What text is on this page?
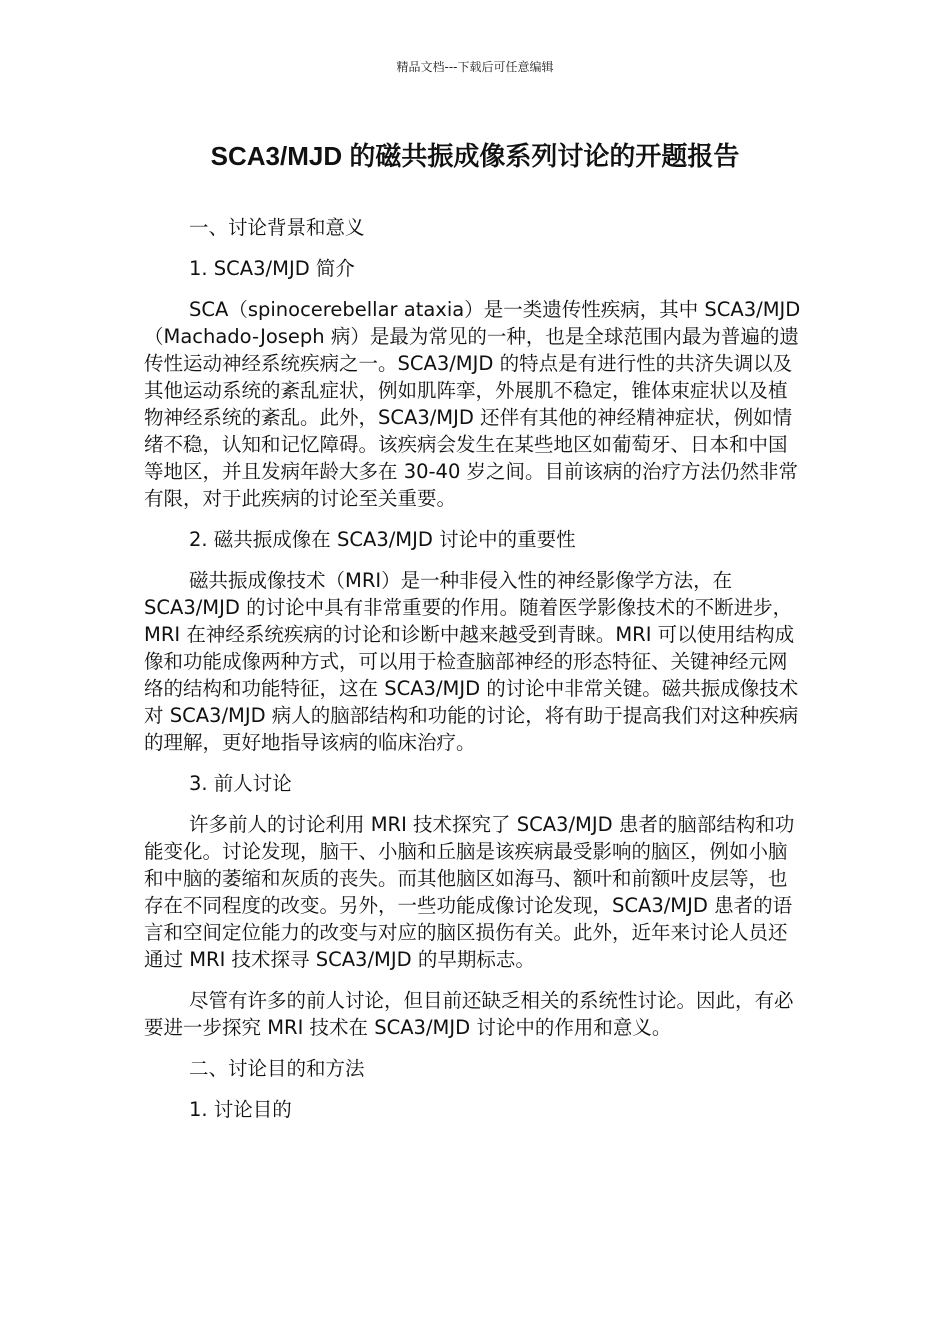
精品文档---下载后可任意编辑
SCA3/MJD 的磁共振成像系列讨论的开题报告

一、讨论背景和意义

1. SCA3/MJD 简介

SCA（spinocerebellar ataxia）是一类遗传性疾病，其中 SCA3/MJD（Machado-Joseph 病）是最为常见的一种，也是全球范围内最为普遍的遗传性运动神经系统疾病之一。SCA3/MJD 的特点是有进行性的共济失调以及其他运动系统的紊乱症状，例如肌阵挛，外展肌不稳定，锥体束症状以及植物神经系统的紊乱。此外，SCA3/MJD 还伴有其他的神经精神症状，例如情绪不稳，认知和记忆障碍。该疾病会发生在某些地区如葡萄牙、日本和中国等地区，并且发病年龄大多在 30-40 岁之间。目前该病的治疗方法仍然非常有限，对于此疾病的讨论至关重要。

2. 磁共振成像在 SCA3/MJD 讨论中的重要性

磁共振成像技术（MRI）是一种非侵入性的神经影像学方法，在 SCA3/MJD 的讨论中具有非常重要的作用。随着医学影像技术的不断进步，MRI 在神经系统疾病的讨论和诊断中越来越受到青睐。MRI 可以使用结构成像和功能成像两种方式，可以用于检查脑部神经的形态特征、关键神经元网络的结构和功能特征，这在 SCA3/MJD 的讨论中非常关键。磁共振成像技术对 SCA3/MJD 病人的脑部结构和功能的讨论，将有助于提高我们对这种疾病的理解，更好地指导该病的临床治疗。

3. 前人讨论

许多前人的讨论利用 MRI 技术探究了 SCA3/MJD 患者的脑部结构和功能变化。讨论发现，脑干、小脑和丘脑是该疾病最受影响的脑区，例如小脑和中脑的萎缩和灰质的丧失。而其他脑区如海马、额叶和前额叶皮层等，也存在不同程度的改变。另外，一些功能成像讨论发现，SCA3/MJD 患者的语言和空间定位能力的改变与对应的脑区损伤有关。此外，近年来讨论人员还通过 MRI 技术探寻 SCA3/MJD 的早期标志。

尽管有许多的前人讨论，但目前还缺乏相关的系统性讨论。因此，有必要进一步探究 MRI 技术在 SCA3/MJD 讨论中的作用和意义。

二、讨论目的和方法

1. 讨论目的
